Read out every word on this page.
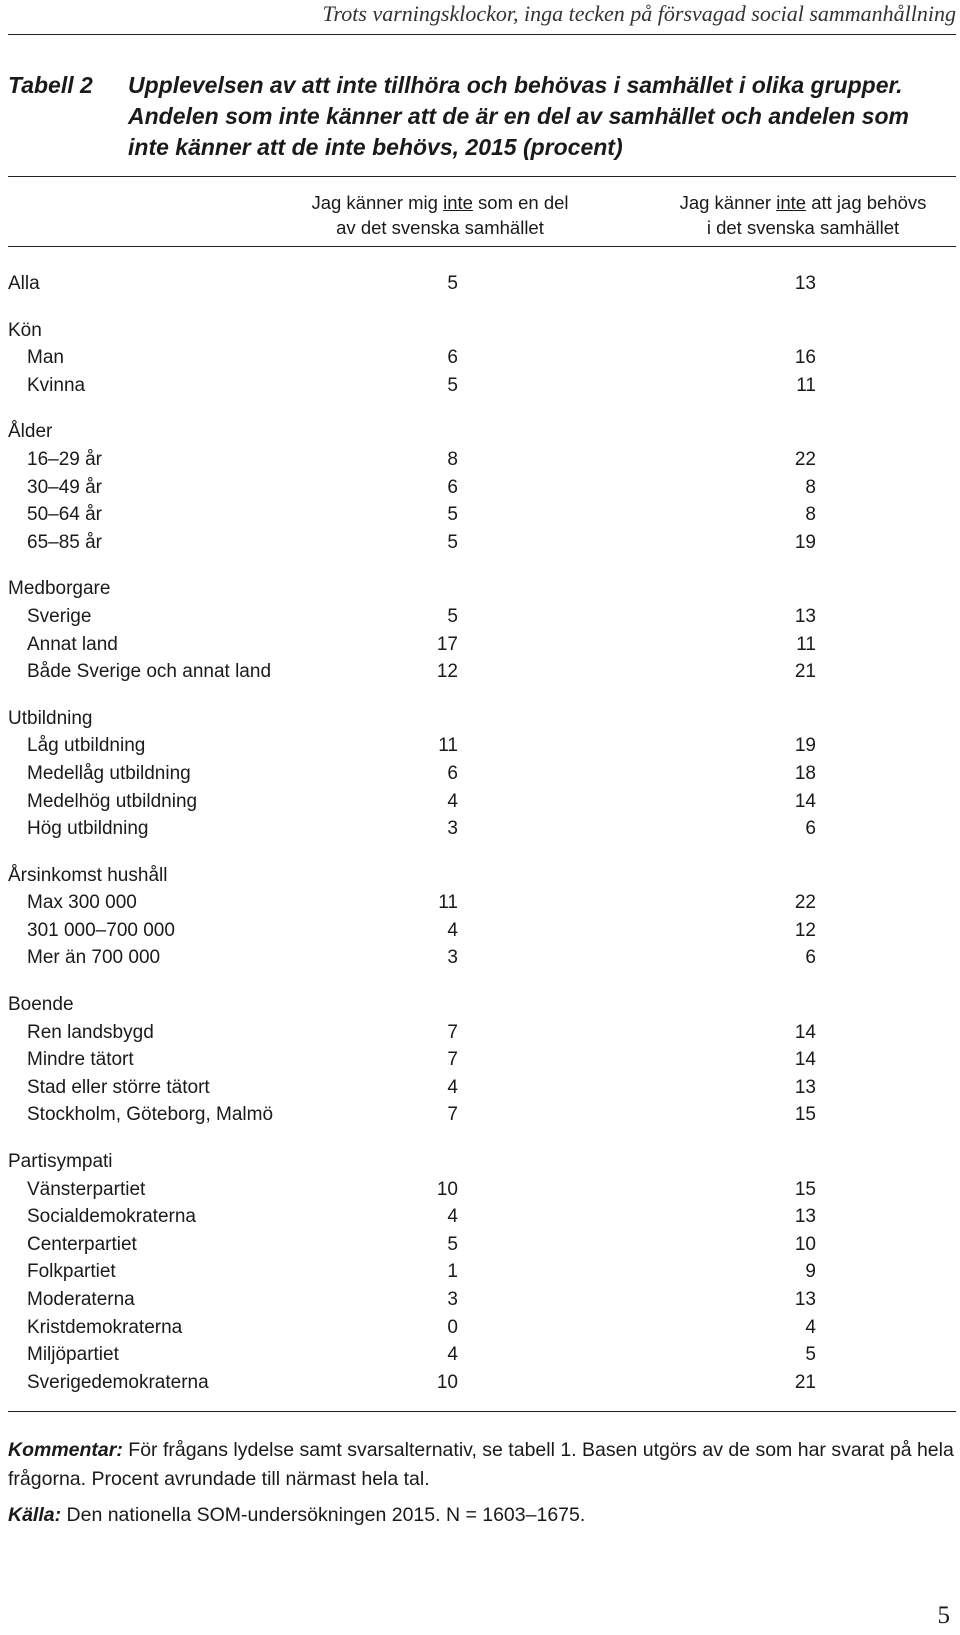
Trots varningsklockor, inga tecken på försvagad social sammanhållning
Tabell 2 Upplevelsen av att inte tillhöra och behövas i samhället i olika grupper. Andelen som inte känner att de är en del av samhället och andelen som inte känner att de inte behövs, 2015 (procent)
Jag känner mig inte som en del
av det svenska samhället
Jag känner inte att jag behövs
i det svenska samhället
Alla	5	13
Kön
Man	6	16
Kvinna	5	11
Ålder
16–29 år	8	22
30–49 år	6	8
50–64 år	5	8
65–85 år	5	19
Medborgare
Sverige	5	13
Annat land	17	11
Både Sverige och annat land	12	21
Utbildning
Låg utbildning	11	19
Medellåg utbildning	6	18
Medelhög utbildning	4	14
Hög utbildning	3	6
Årsinkomst hushåll
Max 300 000	11	22
301 000–700 000	4	12
Mer än 700 000	3	6
Boende
Ren landsbygd	7	14
Mindre tätort	7	14
Stad eller större tätort	4	13
Stockholm, Göteborg, Malmö	7	15
Partisympati
Vänsterpartiet	10	15
Socialdemokraterna	4	13
Centerpartiet	5	10
Folkpartiet	1	9
Moderaterna	3	13
Kristdemokraterna	0	4
Miljöpartiet	4	5
Sverigedemokraterna	10	21

Kommentar: För frågans lydelse samt svarsalternativ, se tabell 1. Basen utgörs av de som har svarat på hela frågorna. Procent avrundade till närmast hela tal.

Källa: Den nationella SOM-undersökningen 2015. N = 1603–1675.

5
